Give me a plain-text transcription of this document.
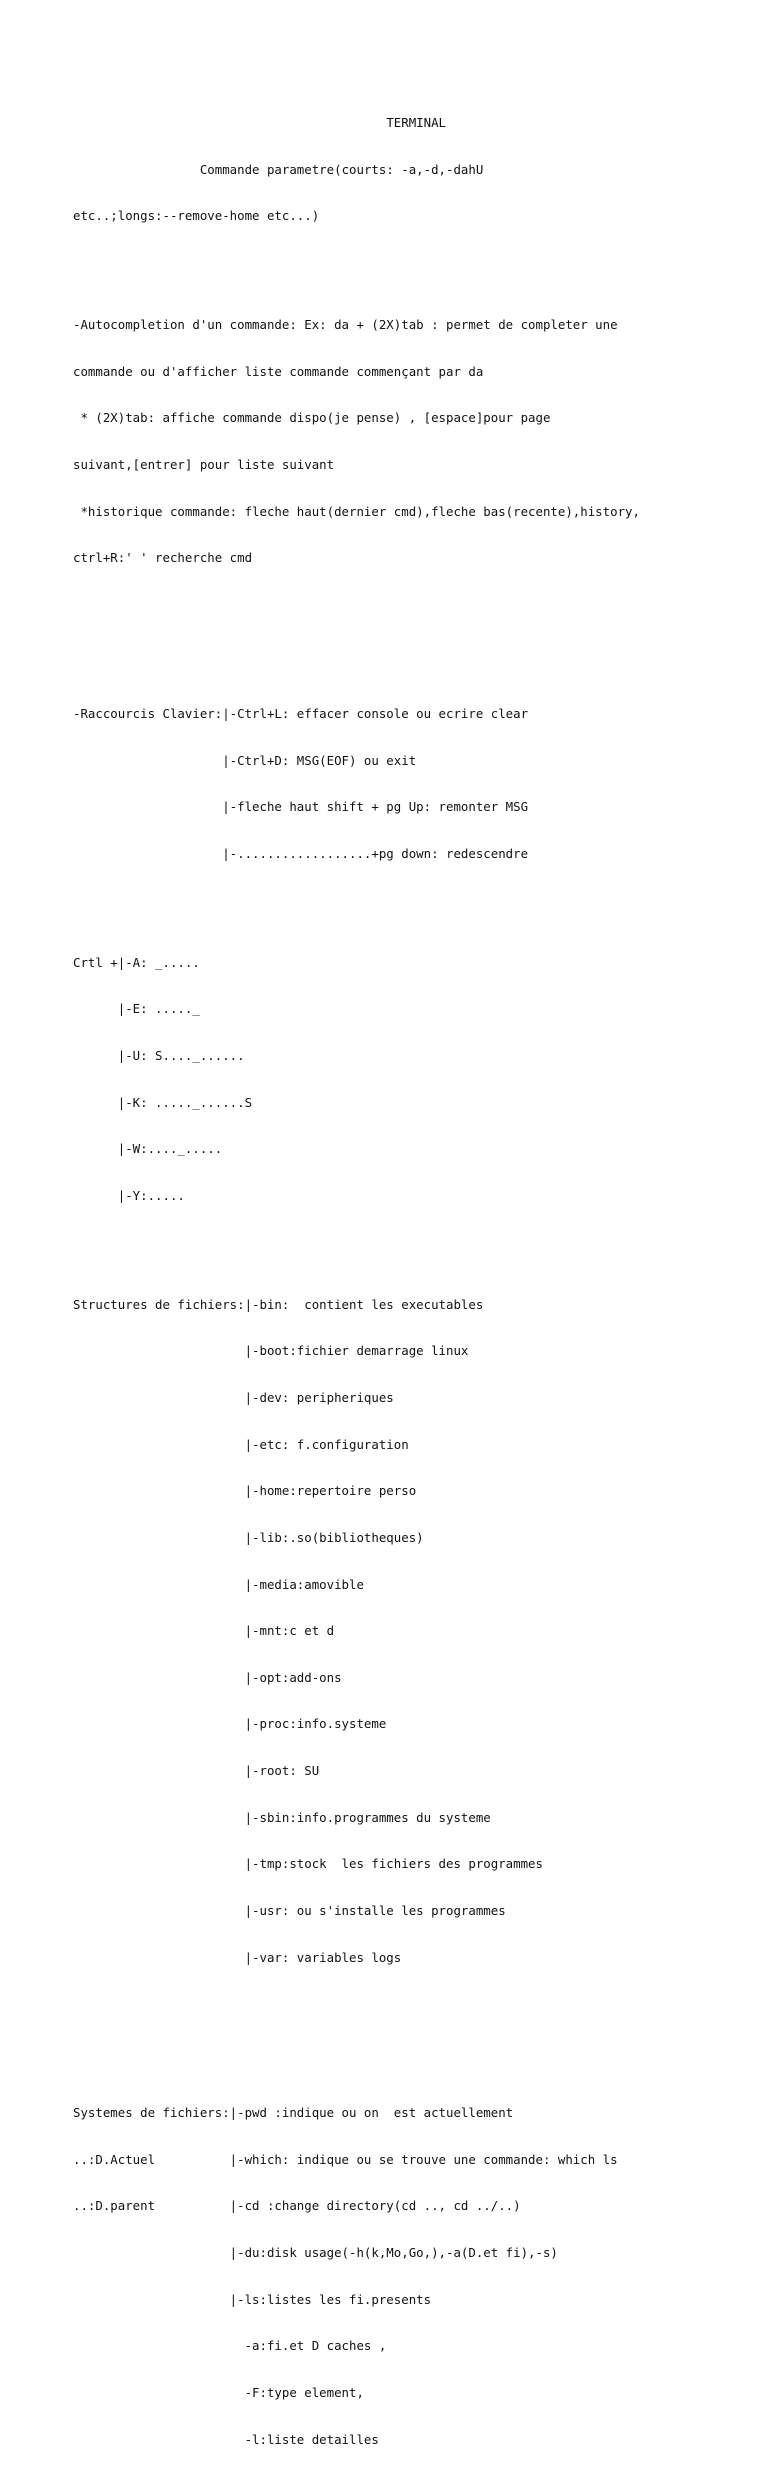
TERMINAL

Commande parametre(courts: -a,-d,-dahU

etc..;longs:--remove-home etc...)

-Autocompletion d'un commande: Ex: da + (2X)tab : permet de completer une

commande ou d'afficher liste commande commençant par da

* (2X)tab: affiche commande dispo(je pense) , [espace]pour page

suivant,[entrer] pour liste suivant

*historique commande: fleche haut(dernier cmd),fleche bas(recente),history,

ctrl+R:' ' recherche cmd

-Raccourcis Clavier:|-Ctrl+L: effacer console ou ecrire clear

|-Ctrl+D: MSG(EOF) ou exit

|-fleche haut shift + pg Up: remonter MSG

|-..................+pg down: redescendre

Crtl +|-A: _.....

|-E: ....._

|-U: S...._......

|-K: ....._......S

|-W:...._.....

|-Y:.....

Structures de fichiers:|-bin:  contient les executables

|-boot:fichier demarrage linux

|-dev: peripheriques

|-etc: f.configuration

|-home:repertoire perso

|-lib:.so(bibliotheques)

|-media:amovible

|-mnt:c et d

|-opt:add-ons

|-proc:info.systeme

|-root: SU

|-sbin:info.programmes du systeme

|-tmp:stock  les fichiers des programmes

|-usr: ou s'installe les programmes

|-var: variables logs

Systemes de fichiers:|-pwd :indique ou on  est actuellement

..:D.Actuel          |-which: indique ou se trouve une commande: which ls

..:D.parent          |-cd :change directory(cd .., cd ../..)

|-du:disk usage(-h(k,Mo,Go,),-a(D.et fi),-s)

|-ls:listes les fi.presents

-a:fi.et D caches ,

-F:type element,

-l:liste detailles
